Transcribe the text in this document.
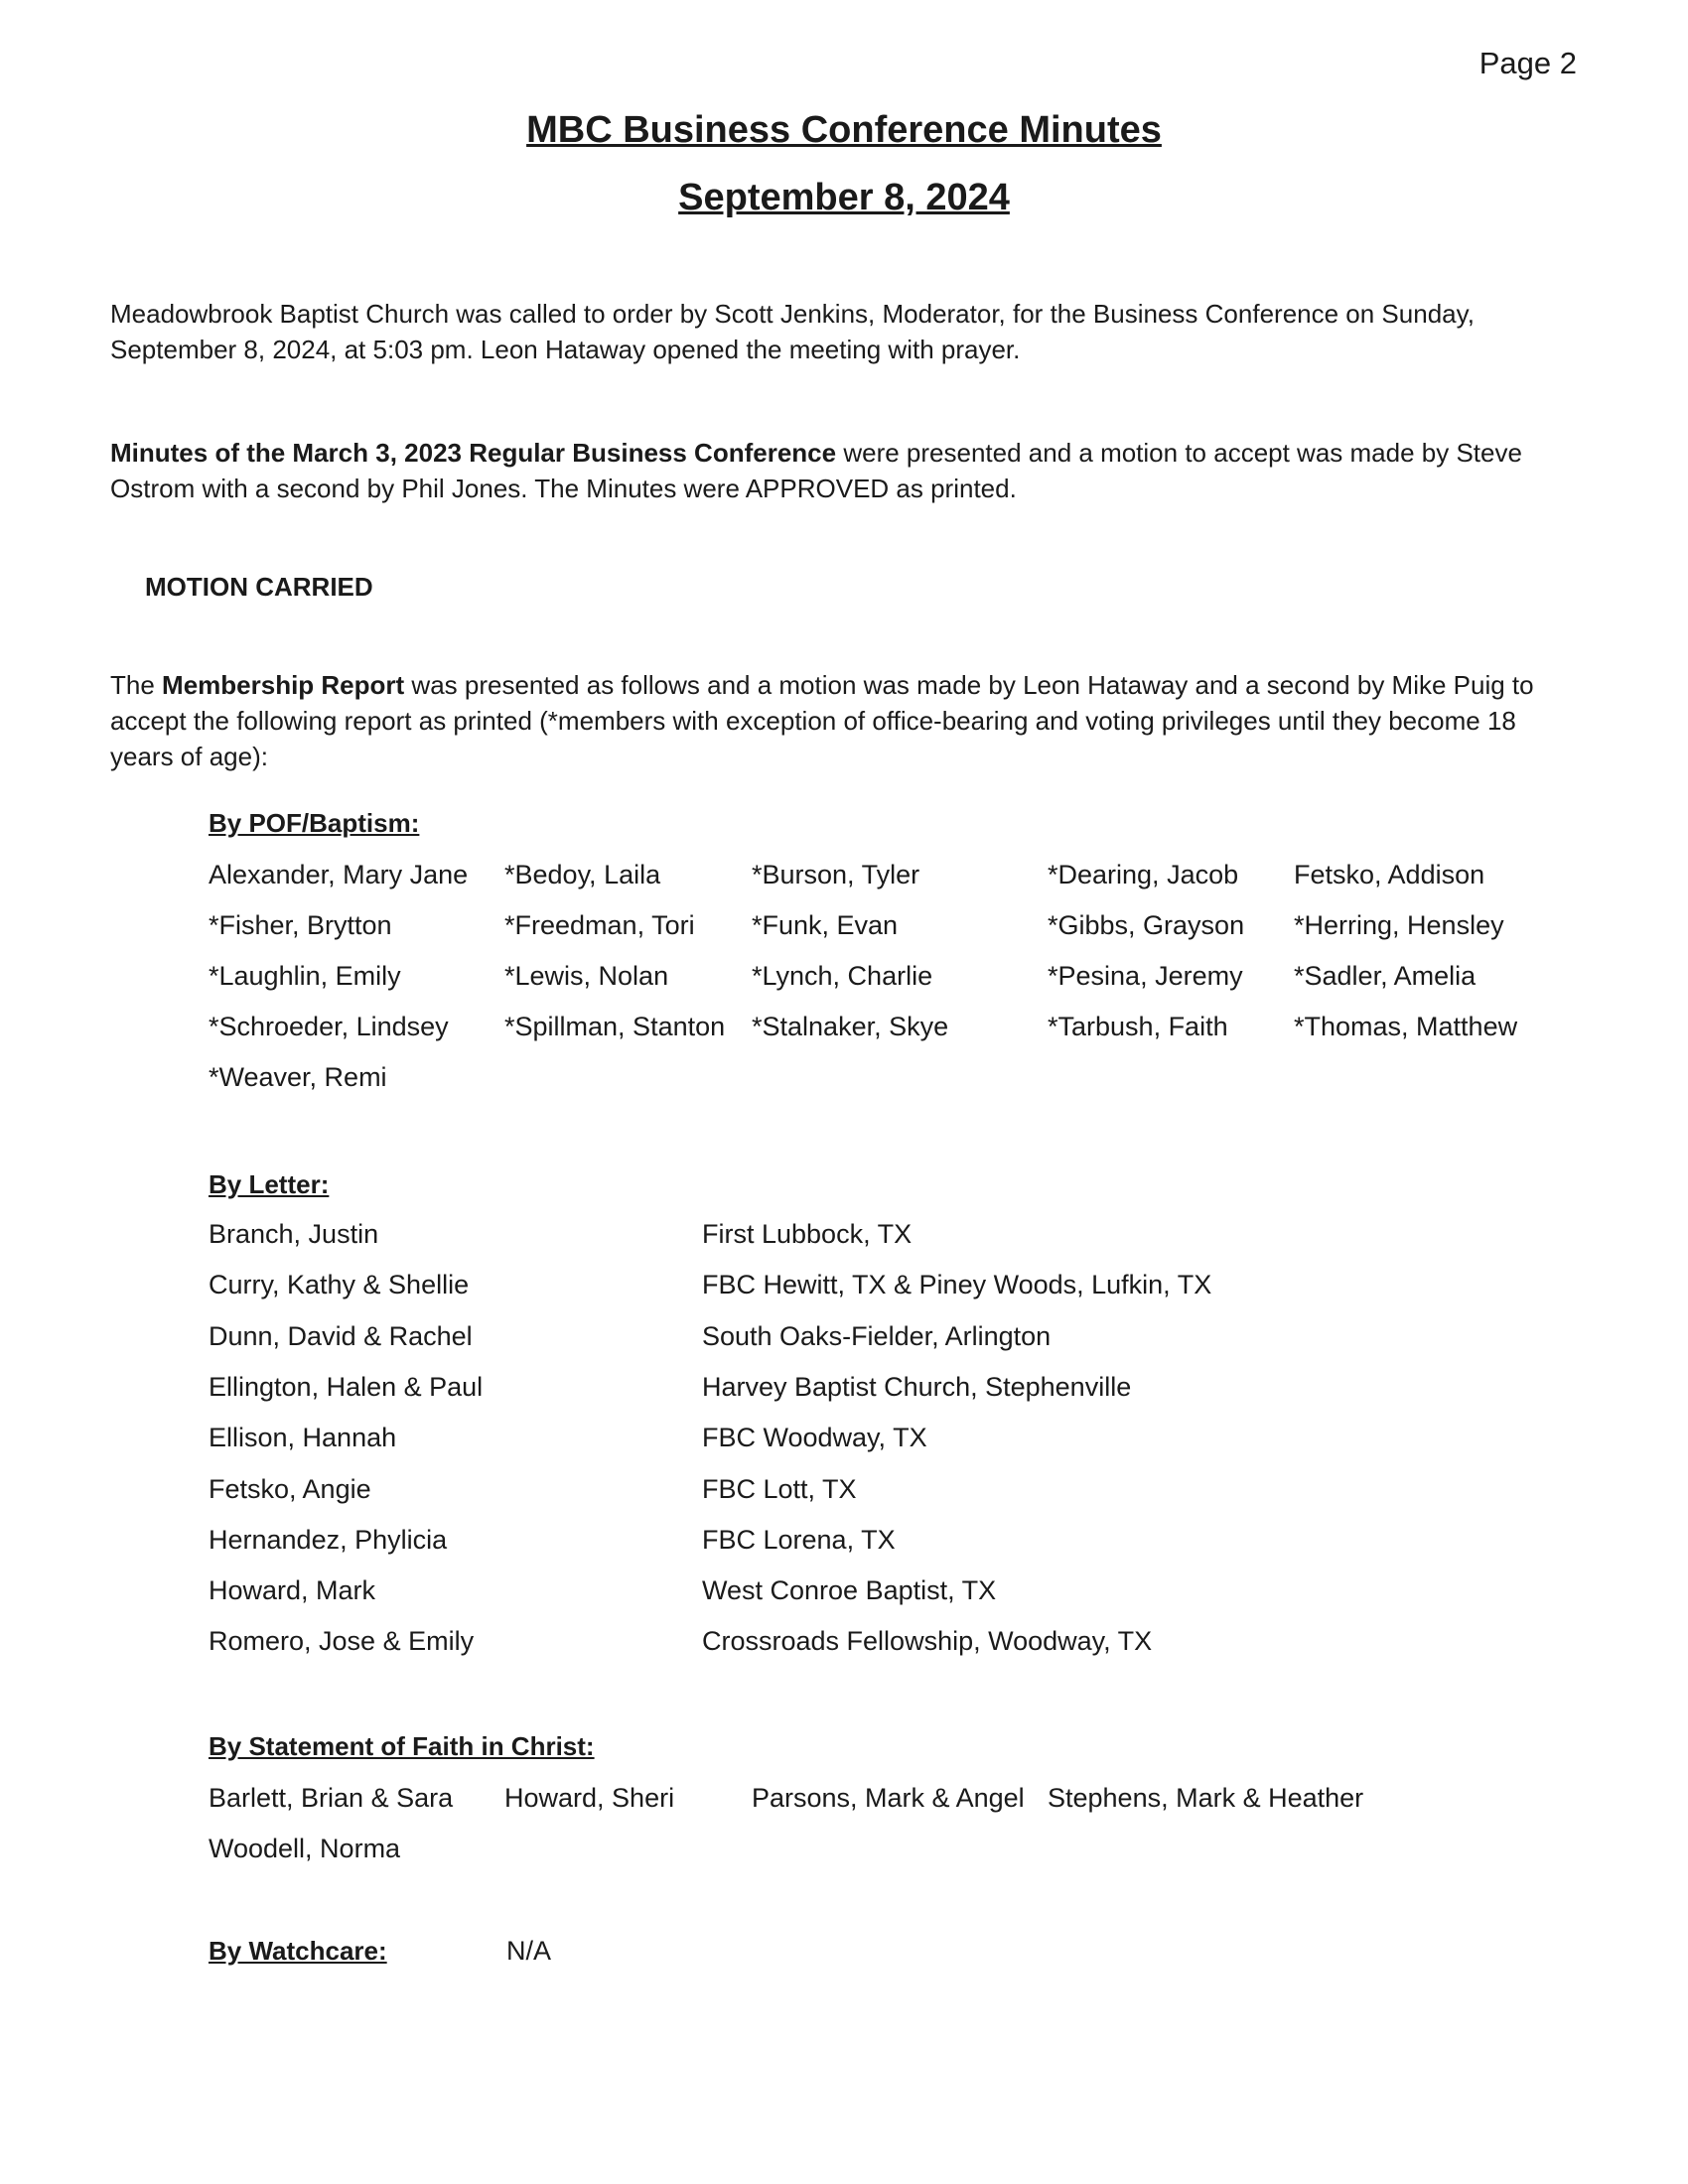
Page 2
MBC Business Conference Minutes
September 8, 2024
Meadowbrook Baptist Church was called to order by Scott Jenkins, Moderator, for the Business Conference on Sunday, September 8, 2024, at 5:03 pm. Leon Hataway opened the meeting with prayer.
Minutes of the March 3, 2023 Regular Business Conference were presented and a motion to accept was made by Steve Ostrom with a second by Phil Jones. The Minutes were APPROVED as printed.
MOTION CARRIED
The Membership Report was presented as follows and a motion was made by Leon Hataway and a second by Mike Puig to accept the following report as printed (*members with exception of office-bearing and voting privileges until they become 18 years of age):
By POF/Baptism:
Alexander, Mary Jane *Bedoy, Laila	*Burson, Tyler	*Dearing, Jacob Fetsko, Addison
*Fisher, Brytton	*Freedman, Tori *Funk, Evan	*Gibbs, Grayson *Herring, Hensley
*Laughlin, Emily	*Lewis, Nolan	*Lynch, Charlie	*Pesina, Jeremy *Sadler, Amelia
*Schroeder, Lindsey *Spillman, Stanton *Stalnaker, Skye	*Tarbush, Faith *Thomas, Matthew
*Weaver, Remi
By Letter:
Branch, Justin	First Lubbock, TX
Curry, Kathy & Shellie	FBC Hewitt, TX & Piney Woods, Lufkin, TX
Dunn, David & Rachel	South Oaks-Fielder, Arlington
Ellington, Halen & Paul	Harvey Baptist Church, Stephenville
Ellison, Hannah	FBC Woodway, TX
Fetsko, Angie	FBC Lott, TX
Hernandez, Phylicia	FBC Lorena, TX
Howard, Mark	West Conroe Baptist, TX
Romero, Jose & Emily	Crossroads Fellowship, Woodway, TX
By Statement of Faith in Christ:
Barlett, Brian & Sara Howard, Sheri	Parsons, Mark & Angel Stephens, Mark & Heather
Woodell, Norma
By Watchcare:	N/A
